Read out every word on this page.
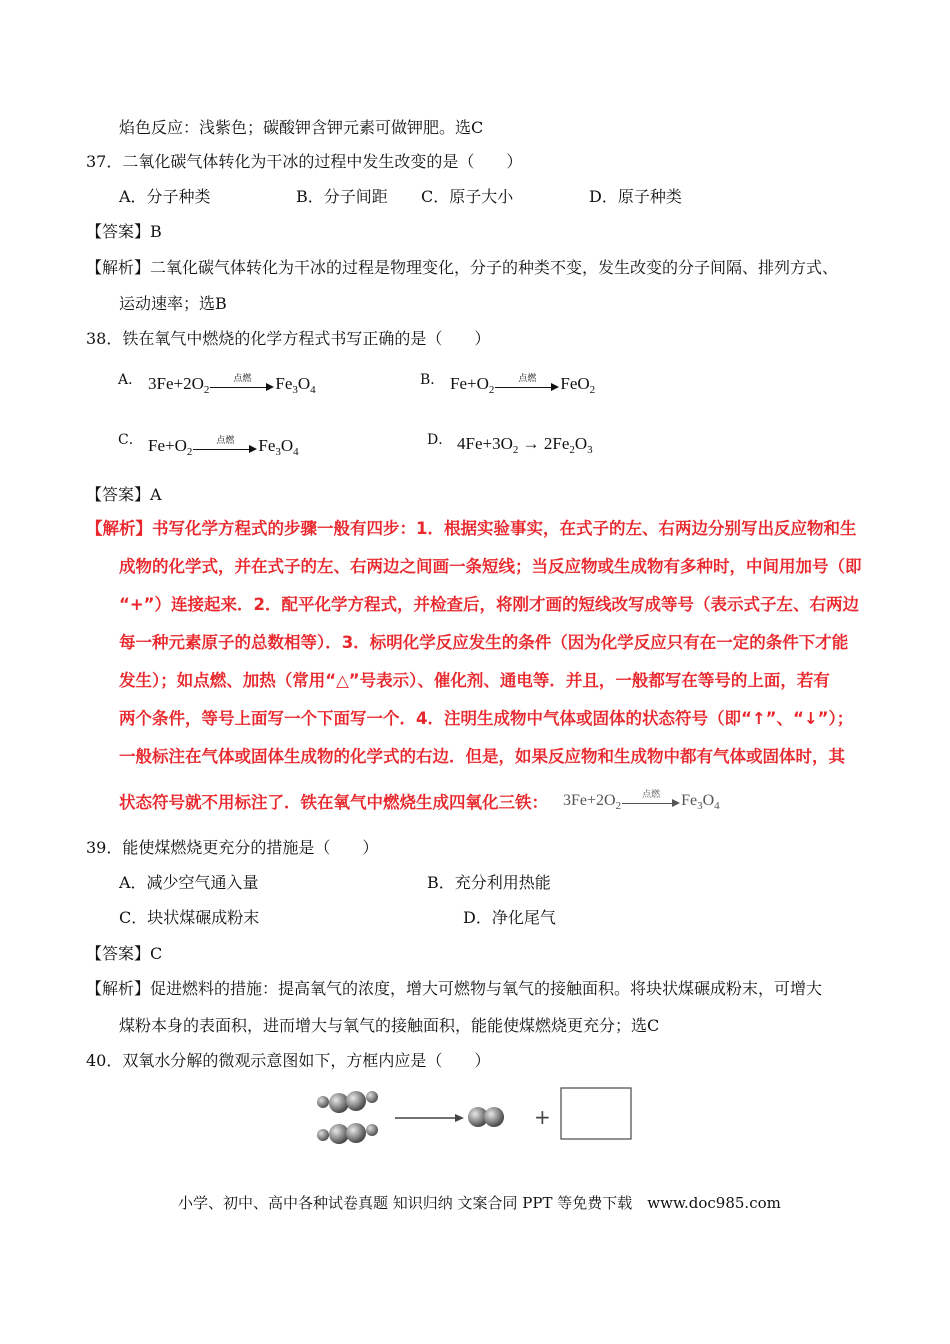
焰色反应：浅紫色；碳酸钾含钾元素可做钾肥。选C
37．二氧化碳气体转化为干冰的过程中发生改变的是（　　）
A．分子种类	B．分子间距 C．原子大小	D．原子种类
【答案】B
【解析】二氧化碳气体转化为干冰的过程是物理变化，分子的种类不变，发生改变的分子间隔、排列方式、
运动速率；选B
38．铁在氧气中燃烧的化学方程式书写正确的是（　　）
A． $3Fe+2O_2$
点燃	$Fe_3O_4$
B． $Fe+O_2$
点燃	FeO$_2$
C． $Fe+O_2$
点燃	$Fe_3O_4$
D． $4Fe+3O_2 \to 2Fe_2O_3$
【答案】A
【解析】书写化学方程式的步骤一般有四步：1．根据实验事实，在式子的左、右两边分别写出反应物和生
成物的化学式，并在式子的左、右两边之间画一条短线；当反应物或生成物有多种时，中间用加号（即
“+”）连接起来．2．配平化学方程式，并检查后，将刚才画的短线改写成等号（表示式子左、右两边
每一种元素原子的总数相等）．3．标明化学反应发生的条件（因为化学反应只有在一定的条件下才能
发生）；如点燃、加热（常用“△”号表示）、催化剂、通电等．并且，一般都写在等号的上面，若有
两个条件，等号上面写一个下面写一个．4．注明生成物中气体或固体的状态符号（即“↑”、“↓”）；
一般标注在气体或固体生成物的化学式的右边．但是，如果反应物和生成物中都有气体或固体时，其
状态符号就不用标注了．铁在氧气中燃烧生成四氧化三铁： $3Fe+2O_2$
点燃	$Fe_3O_4$
39．能使煤燃烧更充分的措施是（　　）
A．减少空气通入量	B．充分利用热能
C．块状煤碾成粉末	D．净化尾气
【答案】C
【解析】促进燃料的措施：提高氧气的浓度，增大可燃物与氧气的接触面积。将块状煤碾成粉末，可增大
煤粉本身的表面积，进而增大与氧气的接触面积，能能使煤燃烧更充分；选C
40．双氧水分解的微观示意图如下，方框内应是（　　）
+
小学、初中、高中各种试卷真题 知识归纳 文案合同 PPT 等免费下载　www.doc985.com
